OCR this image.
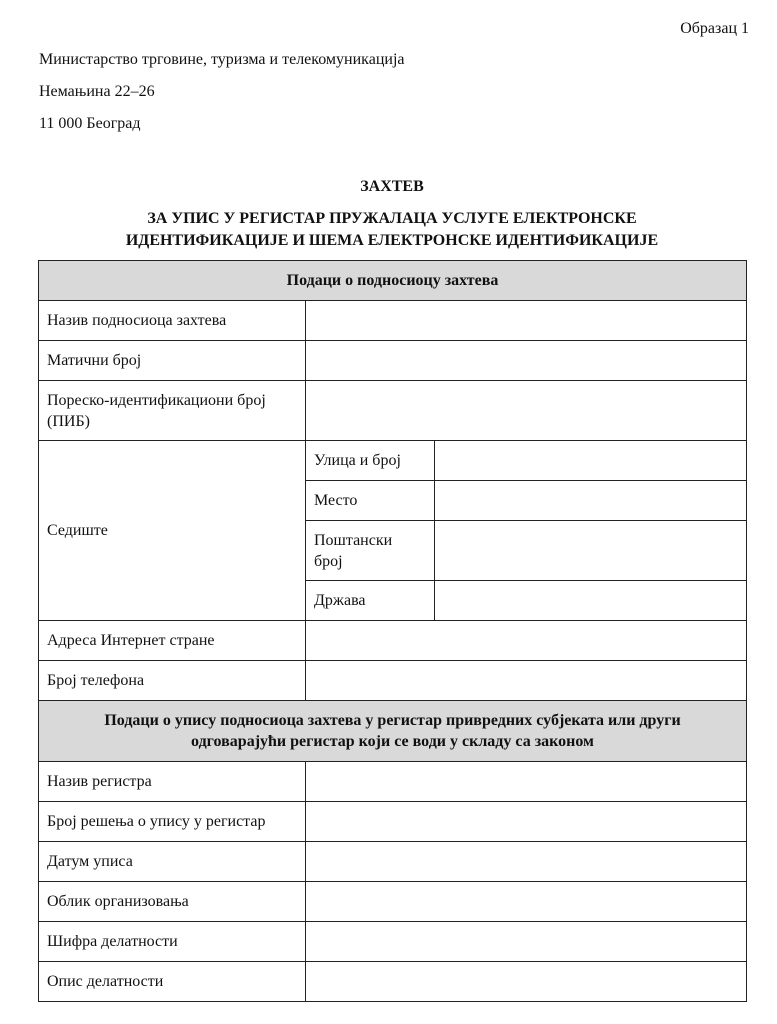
Образац 1
Министарство трговине, туризма и телекомуникација
Немањина 22–26
11 000 Београд
ЗАХТЕВ
ЗА УПИС У РЕГИСТАР ПРУЖАЛАЦА УСЛУГЕ ЕЛЕКТРОНСКЕ
ИДЕНТИФИКАЦИЈЕ И ШЕМА ЕЛЕКТРОНСКЕ ИДЕНТИФИКАЦИЈЕ
Подаци о подносиоцу захтева		
Назив подносиоца захтева		
Матични број		

Пореско-идентификациони број
(ПИБ)		

Седиште	Улица и број	
	Место	

	Поштански
број	

	Држава	
Адреса Интернет стране		
Број телефона		
Подаци о упису подносиоца захтева у регистар привредних субјеката или други
одговарајући регистар који се води у складу са законом	

Назив регистра	
Број решења о упису у регистар	
Датум уписа	
Облик организовања	
Шифра делатности	
Опис делатности	
